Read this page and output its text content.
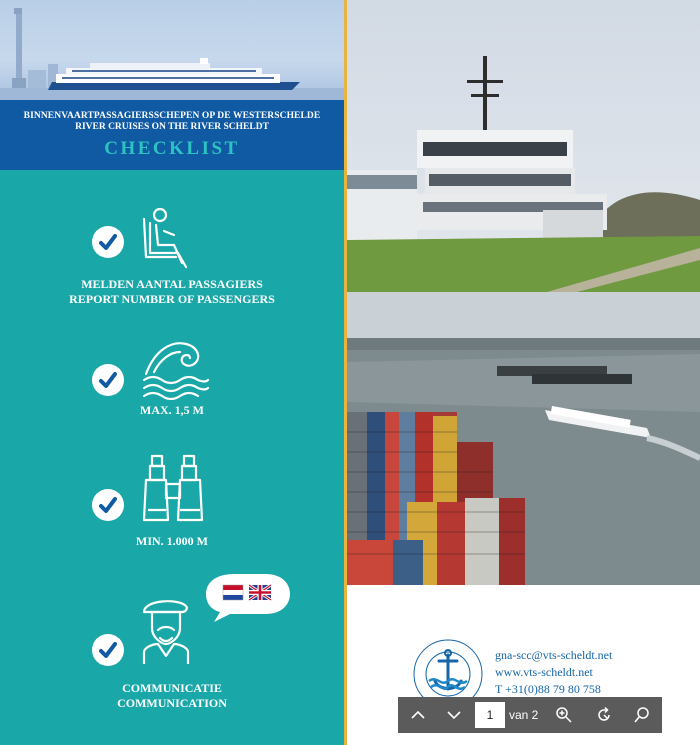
BINNENVAARTPASSAGIERSSCHEPEN OP DE WESTERSCHELDE
RIVER CRUISES ON THE RIVER SCHELDT
CHECKLIST
MELDEN AANTAL PASSAGIERS
REPORT NUMBER OF PASSENGERS
MAX. 1,5 M
MIN. 1.000 M
COMMUNICATIE
COMMUNICATION
gna-scc@vts-scheldt.net
www.vts-scheldt.net
T +31(0)88 79 80 758
1	van 2
